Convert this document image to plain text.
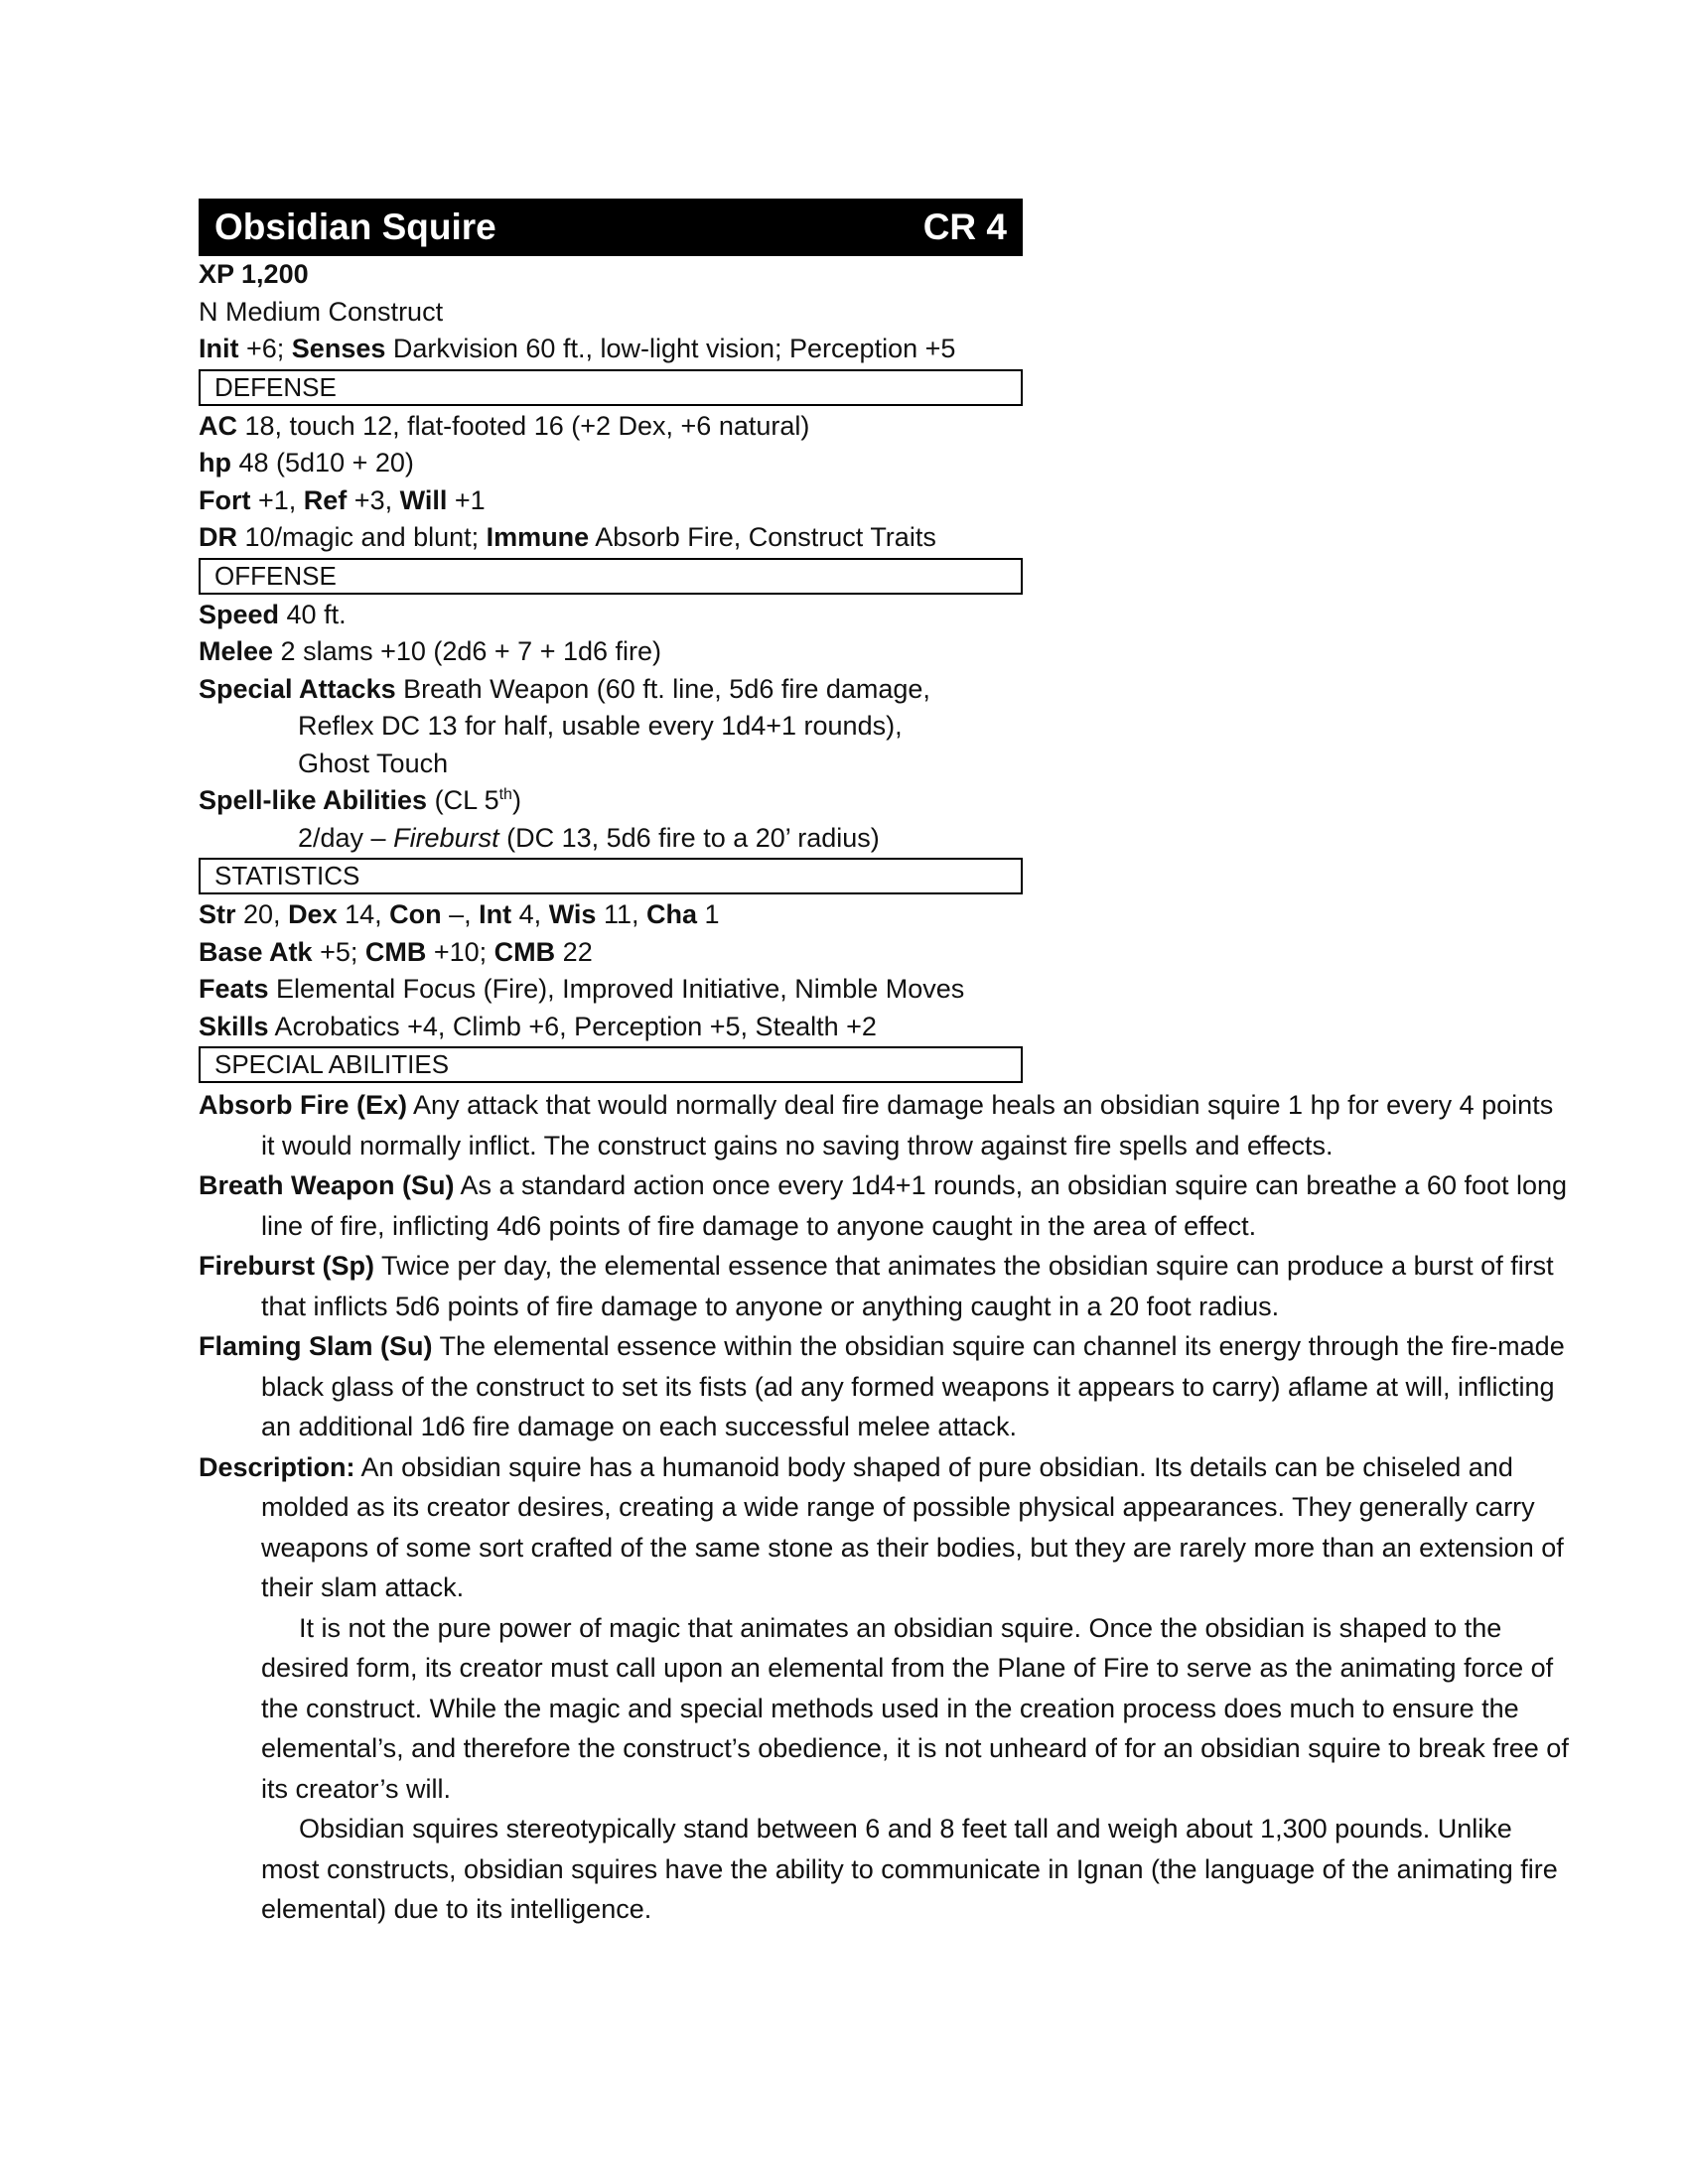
Obsidian Squire	CR 4
XP 1,200
N Medium Construct
Init +6; Senses Darkvision 60 ft., low-light vision; Perception +5
DEFENSE
AC 18, touch 12, flat-footed 16 (+2 Dex, +6 natural)
hp 48 (5d10 + 20)
Fort +1, Ref +3, Will +1
DR 10/magic and blunt; Immune Absorb Fire, Construct Traits
OFFENSE
Speed 40 ft.
Melee 2 slams +10 (2d6 + 7 + 1d6 fire)
Special Attacks Breath Weapon (60 ft. line, 5d6 fire damage,
Reflex DC 13 for half, usable every 1d4+1 rounds),
Ghost Touch
Spell-like Abilities (CL 5th)
2/day – Fireburst (DC 13, 5d6 fire to a 20’ radius)
STATISTICS
Str 20, Dex 14, Con –, Int 4, Wis 11, Cha 1
Base Atk +5; CMB +10; CMB 22
Feats Elemental Focus (Fire), Improved Initiative, Nimble Moves
Skills Acrobatics +4, Climb +6, Perception +5, Stealth +2
SPECIAL ABILITIES
Absorb Fire (Ex) Any attack that would normally deal fire damage heals an obsidian squire 1 hp for every 4 points it would normally inflict. The construct gains no saving throw against fire spells and effects.
Breath Weapon (Su) As a standard action once every 1d4+1 rounds, an obsidian squire can breathe a 60 foot long line of fire, inflicting 4d6 points of fire damage to anyone caught in the area of effect.
Fireburst (Sp) Twice per day, the elemental essence that animates the obsidian squire can produce a burst of first that inflicts 5d6 points of fire damage to anyone or anything caught in a 20 foot radius.
Flaming Slam (Su) The elemental essence within the obsidian squire can channel its energy through the fire-made black glass of the construct to set its fists (ad any formed weapons it appears to carry) aflame at will, inflicting an additional 1d6 fire damage on each successful melee attack.
Description: An obsidian squire has a humanoid body shaped of pure obsidian. Its details can be chiseled and molded as its creator desires, creating a wide range of possible physical appearances. They generally carry weapons of some sort crafted of the same stone as their bodies, but they are rarely more than an extension of their slam attack.
It is not the pure power of magic that animates an obsidian squire. Once the obsidian is shaped to the desired form, its creator must call upon an elemental from the Plane of Fire to serve as the animating force of the construct. While the magic and special methods used in the creation process does much to ensure the elemental’s, and therefore the construct’s obedience, it is not unheard of for an obsidian squire to break free of its creator’s will.
Obsidian squires stereotypically stand between 6 and 8 feet tall and weigh about 1,300 pounds. Unlike most constructs, obsidian squires have the ability to communicate in Ignan (the language of the animating fire elemental) due to its intelligence.
